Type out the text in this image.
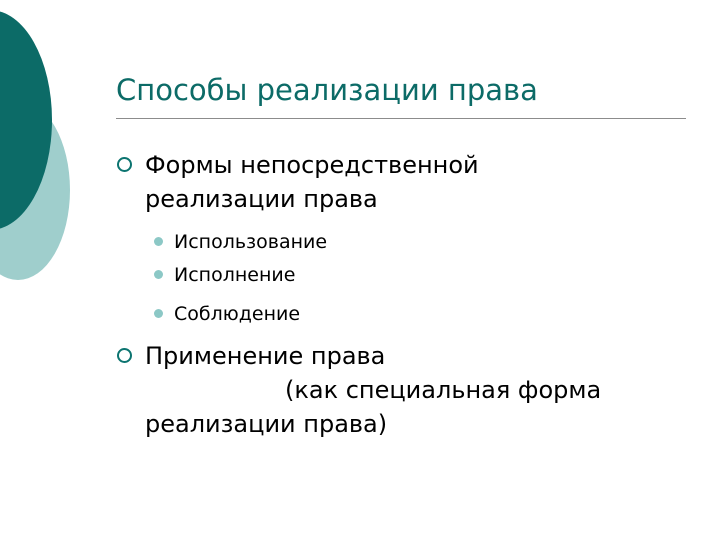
Способы реализации права
Формы непосредственной
реализации права
Использование
Исполнение
Соблюдение
Применение права
(как специальная форма
реализации права)
